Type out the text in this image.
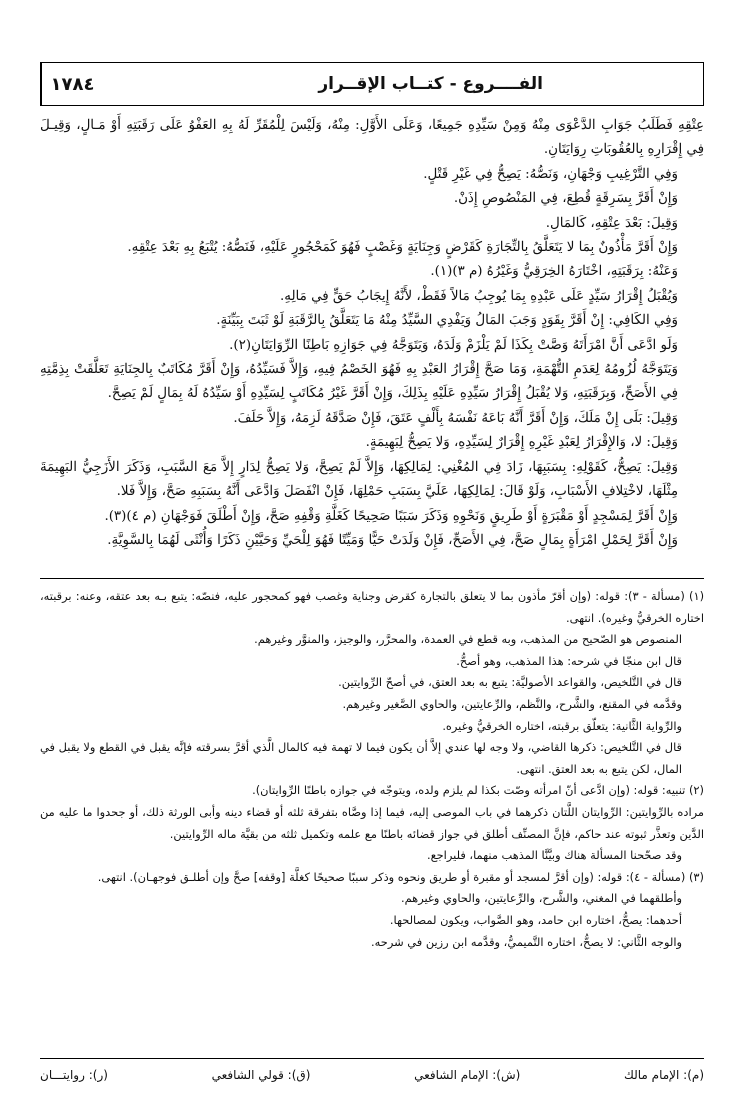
١٧٨٤	الفــــروع - كتــاب الإقــرار

عِتْقِهِ فَطَلَبُ جَوَابِ الدَّعْوَى مِنْهُ وَمِنْ سَيِّدِهِ جَمِيعًا، وَعَلَى الأَوَّلِ: مِنْهُ، وَلَيْسَ لِلْمُقَرِّ لَهُ بِهِ العَفْوُ عَلَى رَقَبَتِهِ أَوْ مَـالٍ، وَقِيـلَ فِي إِقْرَارِهِ بِالعُقُوبَاتِ رِوَايَتَانِ.

وَفِي التَّرْغِيبِ وَجْهَانِ، وَنَصُّهُ: يَصِحُّ فِي غَيْرِ قَتْلٍ.

وَإِنْ أَقَرَّ بِسَرِقَةٍ قُطِعَ، فِي المَنْصُوصِ إِذَنْ.

وَقِيلَ: بَعْدَ عِتْقِهِ، كَالمَالِ.

وَإِنْ أَقَرَّ مَأْذُونٌ بِمَا لا يَتَعَلَّقُ بِالتِّجَارَةِ كَقَرْضٍ وَجِنَايَةٍ وَغَصْبٍ فَهُوَ كَمَحْجُورٍ عَلَيْهِ، فَنَصُّهُ: يُتْبَعُ بِهِ بَعْدَ عِتْقِهِ.

وَعَنْهُ: بِرَقَبَتِهِ، اخْتَارَهُ الخِرَقِيُّ وَغَيْرُهُ (م ٣)(١).

وَيُقْبَلُ إِقْرَارُ سَيِّدٍ عَلَى عَبْدِهِ بِمَا يُوجِبُ مَالاً فَقَطْ، لأَنَّهُ إِيجَابُ حَقٍّ فِي مَالِهِ.

وَفِي الكَافِي: إِنْ أَقَرَّ بِقَوَدٍ وَجَبَ المَالُ وَيَفْدِي السَّيِّدُ مِنْهُ مَا يَتَعَلَّقُ بِالرَّقَبَةِ لَوْ ثَبَتَ بِبَيِّنَةٍ.

وَلَو ادَّعَى أَنَّ امْرَأَتَهُ وَصَّتْ بِكَذَا لَمْ يَلْزَمْ وَلَدَهُ، وَيَتَوَجَّهُ فِي جَوَازِهِ بَاطِنًا الرِّوَايَتَانِ(٢).

وَيَتَوَجَّهُ لُزُومُهُ لِعَدَمِ التُّهْمَةِ، وَمَا صَحَّ إِقْرَارُ العَبْدِ بِهِ فَهُوَ الخَصْمُ فِيهِ، وَإِلاَّ فَسَيِّدُهُ، وَإِنْ أَقَرَّ مُكَاتَبٌ بِالجِنَايَةِ تَعَلَّقَتْ بِذِمَّتِهِ فِي الأَصَحِّ، وَبِرَقَبَتِهِ، وَلا يُقْبَلُ إِقْرَارُ سَيِّدِهِ عَلَيْهِ بِذَلِكَ، وَإِنْ أَقَرَّ غَيْرُ مُكَاتَبٍ لِسَيِّدِهِ أَوْ سَيِّدُهُ لَهُ بِمَالٍ لَمْ يَصِحَّ.

وَقِيلَ: بَلَى إِنْ مَلَكَ، وَإِنْ أَقَرَّ أَنَّهُ بَاعَهُ نَفْسَهُ بِأَلْفٍ عَتَقَ، فَإِنْ صَدَّقَهُ لَزِمَهُ، وَإِلاَّ حَلَفَ.

وَقِيلَ: لا، وَالإِقْرَارُ لِعَبْدِ غَيْرِهِ إِقْرَارٌ لِسَيِّدِهِ، وَلا يَصِحُّ لِبَهِيمَةٍ.

وَقِيلَ: يَصِحُّ، كَقَوْلِهِ: بِسَبَبِهَا، زَادَ فِي المُغْنِي: لِمَالِكِهَا، وَإِلاَّ لَمْ يَصِحَّ، وَلا يَصِحُّ لِدَارٍ إِلاَّ مَعَ السَّبَبِ، وَذَكَرَ الأَزَجِيُّ البَهِيمَةَ مِثْلَهَا، لاخْتِلافِ الأَسْبَابِ، وَلَوْ قَالَ: لِمَالِكِهَا، عَلَيَّ بِسَبَبِ حَمْلِهَا، فَإِنْ انْفَصَلَ وَادَّعَى أَنَّهُ بِسَبَبِهِ صَحَّ، وَإِلاَّ فَلا.

وَإِنْ أَقَرَّ لِمَسْجِدٍ أَوْ مَقْبَرَةٍ أَوْ طَرِيقٍ وَنَحْوِهِ وَذَكَرَ سَبَبًا صَحِيحًا كَغَلَّةِ وَقْفِهِ صَحَّ، وَإِنْ أَطْلَقَ فَوَجْهَانِ (م ٤)(٣).

وَإِنْ أَقَرَّ لِحَمْلِ امْرَأَةٍ بِمَالٍ صَحَّ، فِي الأَصَحِّ، فَإِنْ وَلَدَتْ حَيًّا وَمَيِّتًا فَهُوَ لِلْحَيِّ وَحَيَّيْنِ ذَكَرًا وَأُنْثَى لَهُمَا بِالسَّوِيَّةِ.

(١) (مسألة - ٣): قوله: (وإن أقرّ مأذون بما لا يتعلق بالتجارة كقرض وجناية وغصب فهو كمحجور عليه، فنصّه: يتبع بـه بعد عتقه، وعنه: برقبته، اختاره الخرقيُّ وغيره). انتهى.

المنصوص هو الصّحيح من المذهب، وبه قطع في العمدة، والمحرَّر، والوجيز، والمنوَّر وغيرهم.

قال ابن منجّا في شرحه: هذا المذهب، وهو أصحُّ.

قال في التَّلخيص، والقواعد الأصوليَّة: يتبع به بعد العتق، في أصحّ الرِّوايتين.

وقدَّمه في المقنع، والشَّرح، والنَّظم، والرِّعايتين، والحاوي الصَّغير وغيرهم.

والرِّواية الثَّانية: يتعلّق برقبته، اختاره الخرقيُّ وغيره.

قال في التَّلخيص: ذكرها القاضي، ولا وجه لها عندي إلاَّ أن يكون فيما لا تهمة فيه كالمال الَّذي أقرَّ بسرقته فإنَّه يقبل في القطع ولا يقبل في المال، لكن يتبع به بعد العتق. انتهى.

(٢) تنبيه: قوله: (وإن ادَّعى أنّ امرأته وصّت بكذا لم يلزم ولده، ويتوجّه في جوازه باطنًا الرِّوايتان).

مراده بالرِّوايتين: الرِّوايتان اللَّتان ذكرهما في باب الموصى إليه، فيما إذا وصَّاه بتفرقة ثلثه أو قضاء دينه وأبى الورثة ذلك، أو جحدوا ما عليه من الدَّين وتعذَّر ثبوته عند حاكم، فإنَّ المصنِّف أطلق في جواز قضائه باطنًا مع علمه وتكميل ثلثه من بقيَّة ماله الرِّوايتين.

وقد صحّحنا المسألة هناك وبيَّنَّا المذهب منهما، فليراجع.

(٣) (مسألة - ٤): قوله: (وإن أقرَّ لمسجد أو مقبرة أو طريق ونحوه وذكر سببًا صحيحًا كغلَّة [وقفه] صحَّ وإن أطلـق فوجهـان). انتهى.

وأطلقهما في المغني، والشَّرح، والرِّعايتين، والحاوي وغيرهم.

أحدهما: يصحُّ، اختاره ابن حامد، وهو الصَّواب، ويكون لمصالحها.

والوجه الثَّاني: لا يصحُّ، اختاره التَّميميُّ، وقدَّمه ابن رزين في شرحه.

(م): الإمام مالك
(ش): الإمام الشافعي
(ق): قولي الشافعي
(ر): روايتـــان
